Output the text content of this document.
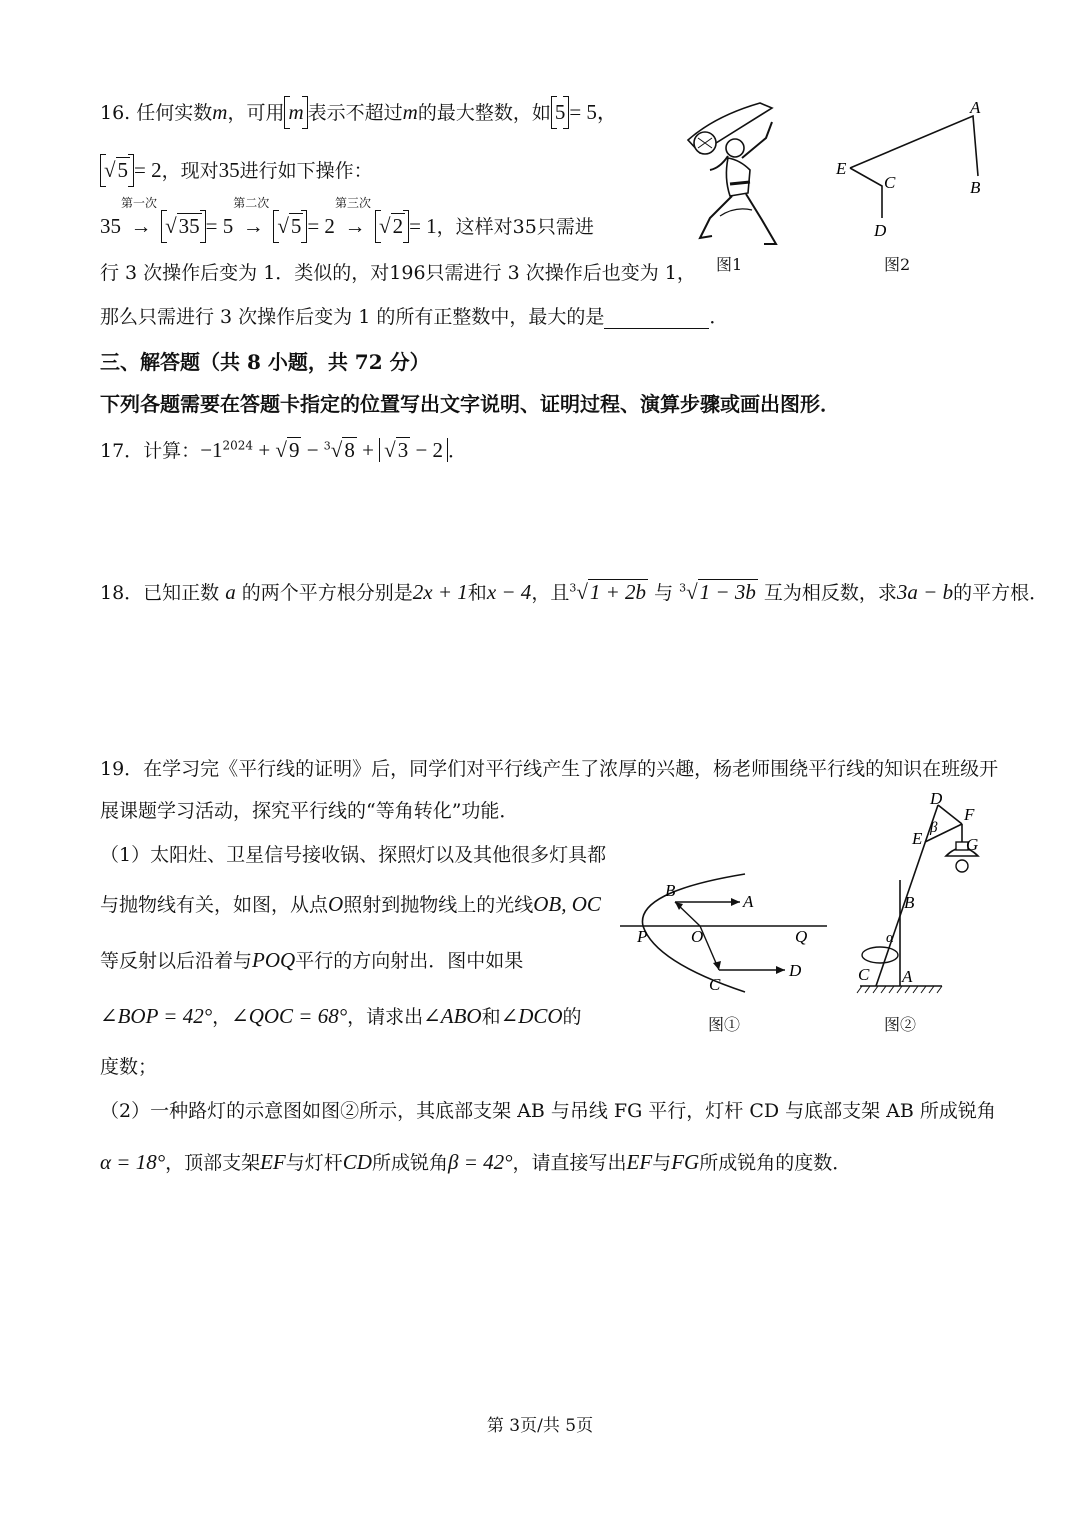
16. 任何实数m，可用 m 表示不超过m的最大整数，如 5 = 5，
√5 = 2，现对35进行如下操作：
35
第一次
→ √35 = 5
第二次
→ √5 = 2
第三次
→ √2 = 1，这样对35只需进
行 3 次操作后变为 1．类似的，对196只需进行 3 次操作后也变为 1，
那么只需进行 3 次操作后变为 1 的所有正整数中，最大的是	．
图1
A
B
C
D
E
图2
三、解答题（共 8 小题，共 72 分）
下列各题需要在答题卡指定的位置写出文字说明、证明过程、演算步骤或画出图形．
17．计算：$-1^{2024} + √9 - ^3√8 + √3 - 2$ ．
18．已知正数 a 的两个平方根分别是2x + 1和x − 4，且$^3$√1 + 2b 与 $^3$√1 − 3b 互为相反数，求3a − b的平方根．
19．在学习完《平行线的证明》后，同学们对平行线产生了浓厚的兴趣，杨老师围绕平行线的知识在班级开
展课题学习活动，探究平行线的“等角转化”功能．
（1）太阳灶、卫星信号接收锅、探照灯以及其他很多灯具都
与抛物线有关，如图，从点O照射到抛物线上的光线OB, OC
等反射以后沿着与POQ平行的方向射出．图中如果
∠BOP = 42°，∠QOC = 68°，请求出∠ABO和∠DCO的
度数；
（2）一种路灯的示意图如图②所示，其底部支架 AB 与吊线 FG 平行，灯杆 CD 与底部支架 AB 所成锐角
α = 18°，顶部支架EF与灯杆CD所成锐角β = 42°，请直接写出EF与FG所成锐角的度数．
B
A
P	O	Q
C
D
图①
D
β
E
F
G
B
α
C A
图②
第 3页/共 5页
